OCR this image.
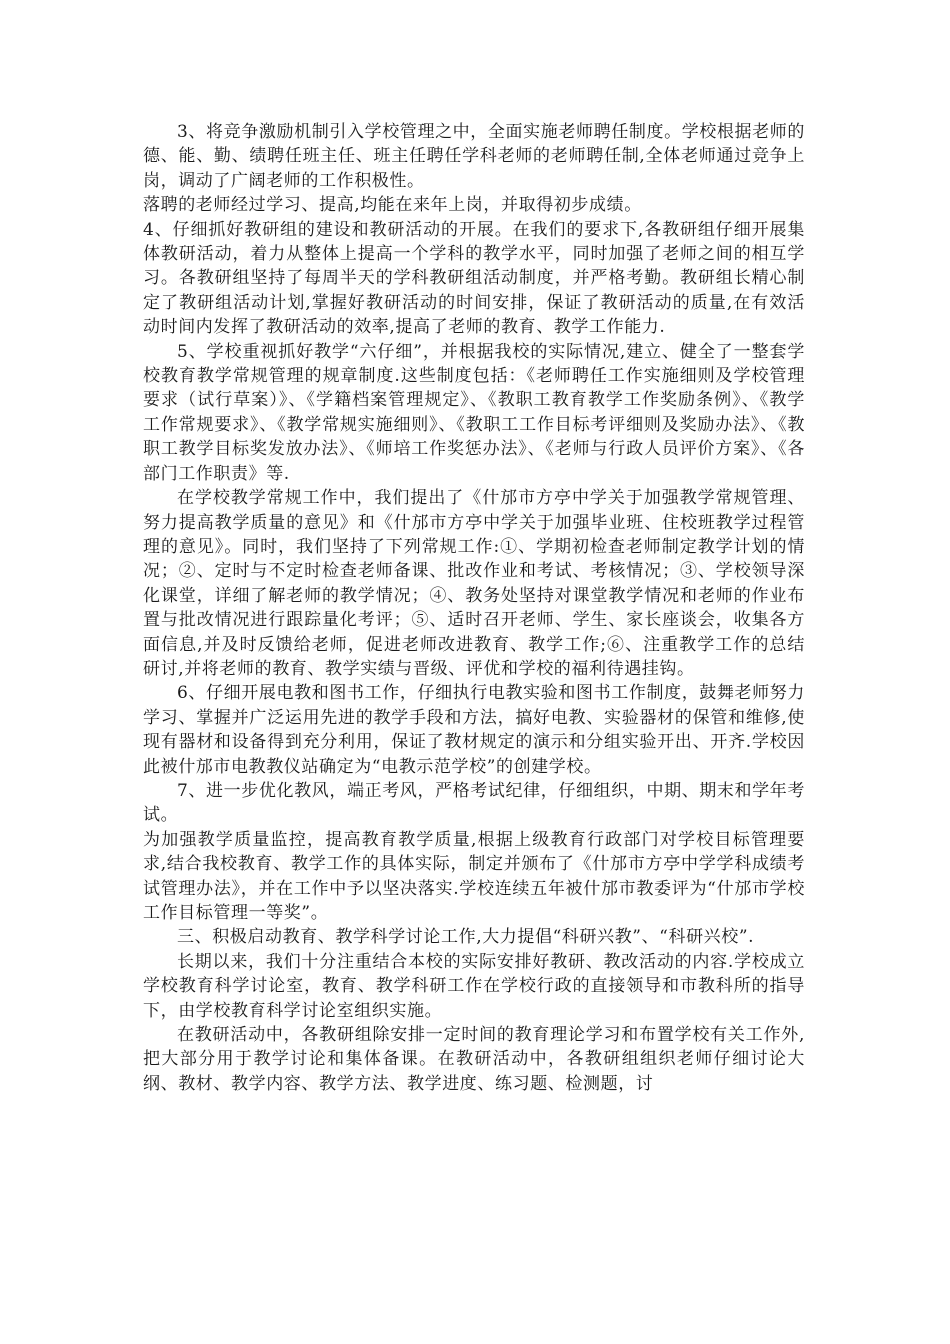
3、将竞争激励机制引入学校管理之中，全面实施老师聘任制度。学校根据老师的德、能、勤、绩聘任班主任、班主任聘任学科老师的老师聘任制,全体老师通过竞争上岗，调动了广阔老师的工作积极性。

落聘的老师经过学习、提高,均能在来年上岗，并取得初步成绩。

4、仔细抓好教研组的建设和教研活动的开展。在我们的要求下,各教研组仔细开展集体教研活动，着力从整体上提高一个学科的教学水平，同时加强了老师之间的相互学习。各教研组坚持了每周半天的学科教研组活动制度，并严格考勤。教研组长精心制定了教研组活动计划,掌握好教研活动的时间安排，保证了教研活动的质量,在有效活动时间内发挥了教研活动的效率,提高了老师的教育、教学工作能力.

5、学校重视抓好教学“六仔细”，并根据我校的实际情况,建立、健全了一整套学校教育教学常规管理的规章制度.这些制度包括：《老师聘任工作实施细则及学校管理要求（试行草案）》、《学籍档案管理规定》、《教职工教育教学工作奖励条例》、《教学工作常规要求》、《教学常规实施细则》、《教职工工作目标考评细则及奖励办法》、《教职工教学目标奖发放办法》、《师培工作奖惩办法》、《老师与行政人员评价方案》、《各部门工作职责》等.

在学校教学常规工作中，我们提出了《什邡市方亭中学关于加强教学常规管理、努力提高教学质量的意见》和《什邡市方亭中学关于加强毕业班、住校班教学过程管理的意见》。同时，我们坚持了下列常规工作:①、学期初检查老师制定教学计划的情况；②、定时与不定时检查老师备课、批改作业和考试、考核情况；③、学校领导深化课堂，详细了解老师的教学情况；④、教务处坚持对课堂教学情况和老师的作业布置与批改情况进行跟踪量化考评；⑤、适时召开老师、学生、家长座谈会，收集各方面信息,并及时反馈给老师，促进老师改进教育、教学工作;⑥、注重教学工作的总结研讨,并将老师的教育、教学实绩与晋级、评优和学校的福利待遇挂钩。

6、仔细开展电教和图书工作，仔细执行电教实验和图书工作制度，鼓舞老师努力学习、掌握并广泛运用先进的教学手段和方法，搞好电教、实验器材的保管和维修,使现有器材和设备得到充分利用，保证了教材规定的演示和分组实验开出、开齐.学校因此被什邡市电教教仪站确定为“电教示范学校”的创建学校。

7、进一步优化教风，端正考风，严格考试纪律，仔细组织，中期、期末和学年考试。

为加强教学质量监控，提高教育教学质量,根据上级教育行政部门对学校目标管理要求,结合我校教育、教学工作的具体实际，制定并颁布了《什邡市方亭中学学科成绩考试管理办法》，并在工作中予以坚决落实.学校连续五年被什邡市教委评为“什邡市学校工作目标管理一等奖”。

三、积极启动教育、教学科学讨论工作,大力提倡“科研兴教”、“科研兴校”.

长期以来，我们十分注重结合本校的实际安排好教研、教改活动的内容.学校成立学校教育科学讨论室，教育、教学科研工作在学校行政的直接领导和市教科所的指导下，由学校教育科学讨论室组织实施。

在教研活动中，各教研组除安排一定时间的教育理论学习和布置学校有关工作外,把大部分用于教学讨论和集体备课。在教研活动中，各教研组组织老师仔细讨论大纲、教材、教学内容、教学方法、教学进度、练习题、检测题，讨
